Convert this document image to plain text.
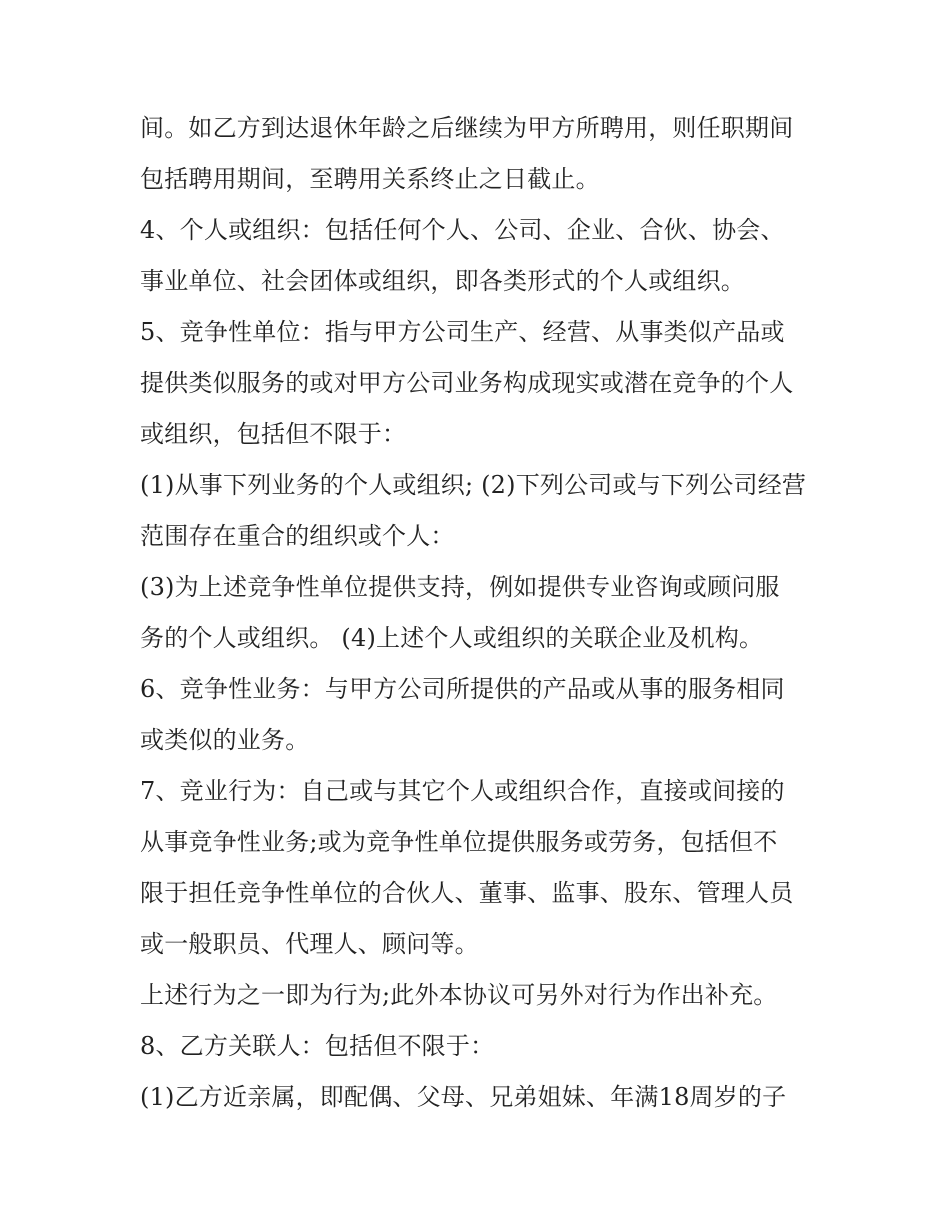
间。如乙方到达退休年龄之后继续为甲方所聘用，则任职期间
包括聘用期间，至聘用关系终止之日截止。
4、个人或组织：包括任何个人、公司、企业、合伙、协会、
事业单位、社会团体或组织，即各类形式的个人或组织。
5、竞争性单位：指与甲方公司生产、经营、从事类似产品或
提供类似服务的或对甲方公司业务构成现实或潜在竞争的个人
或组织，包括但不限于：
(1)从事下列业务的个人或组织; (2)下列公司或与下列公司经营
范围存在重合的组织或个人：
(3)为上述竞争性单位提供支持，例如提供专业咨询或顾问服
务的个人或组织。 (4)上述个人或组织的关联企业及机构。
6、竞争性业务：与甲方公司所提供的产品或从事的服务相同
或类似的业务。
7、竞业行为：自己或与其它个人或组织合作，直接或间接的
从事竞争性业务;或为竞争性单位提供服务或劳务，包括但不
限于担任竞争性单位的合伙人、董事、监事、股东、管理人员
或一般职员、代理人、顾问等。
上述行为之一即为行为;此外本协议可另外对行为作出补充。
8、乙方关联人：包括但不限于：
(1)乙方近亲属，即配偶、父母、兄弟姐妹、年满18周岁的子
